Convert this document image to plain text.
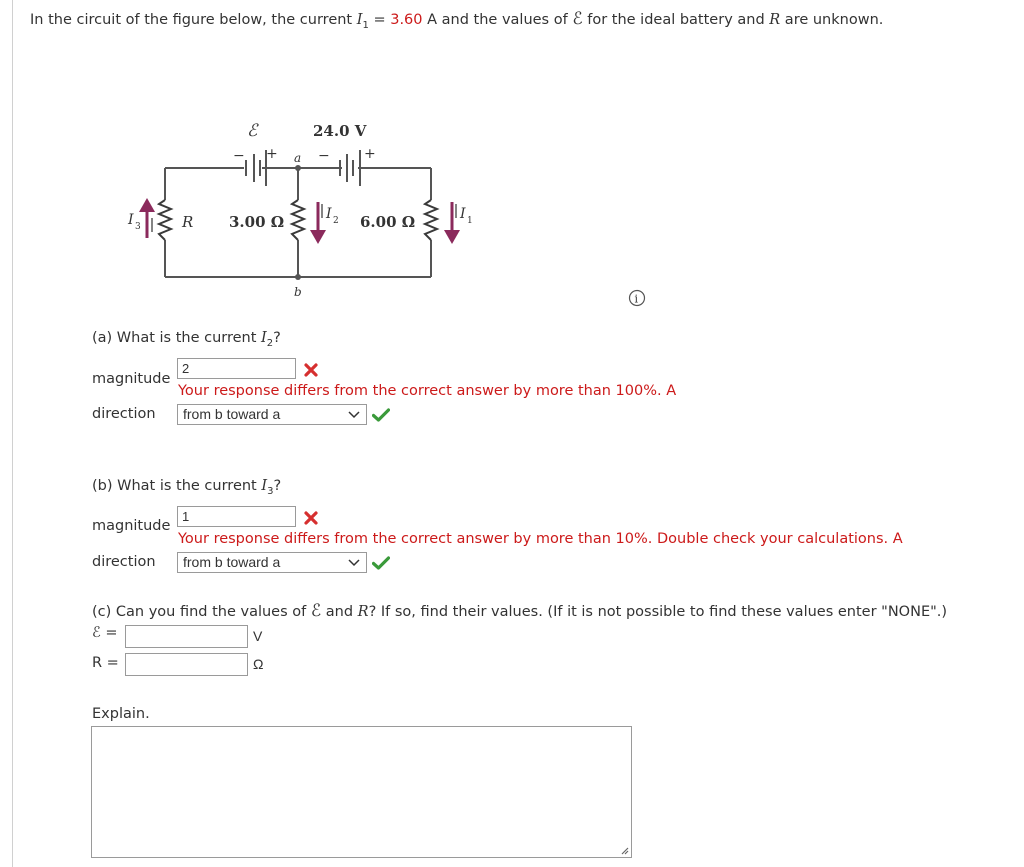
In the circuit of the figure below, the current $I_1 = 3.60$ A and the values of ℰ for the ideal battery and R are unknown.
ℰ	24.0 V
− +	− +
a
b
R 3.00 Ω	6.00 Ω
I 3
I 2	I 1
i
(a) What is the current $I_2$?
magnitude
2
Your response differs from the correct answer by more than 100%. A
direction	from b toward a
(b) What is the current $I_3$?
magnitude
1
Your response differs from the correct answer by more than 10%. Double check your calculations. A
direction	from b toward a
(c) Can you find the values of ℰ and R? If so, find their values. (If it is not possible to find these values enter "NONE".)
ℰ =	V
R =	Ω
Explain.
